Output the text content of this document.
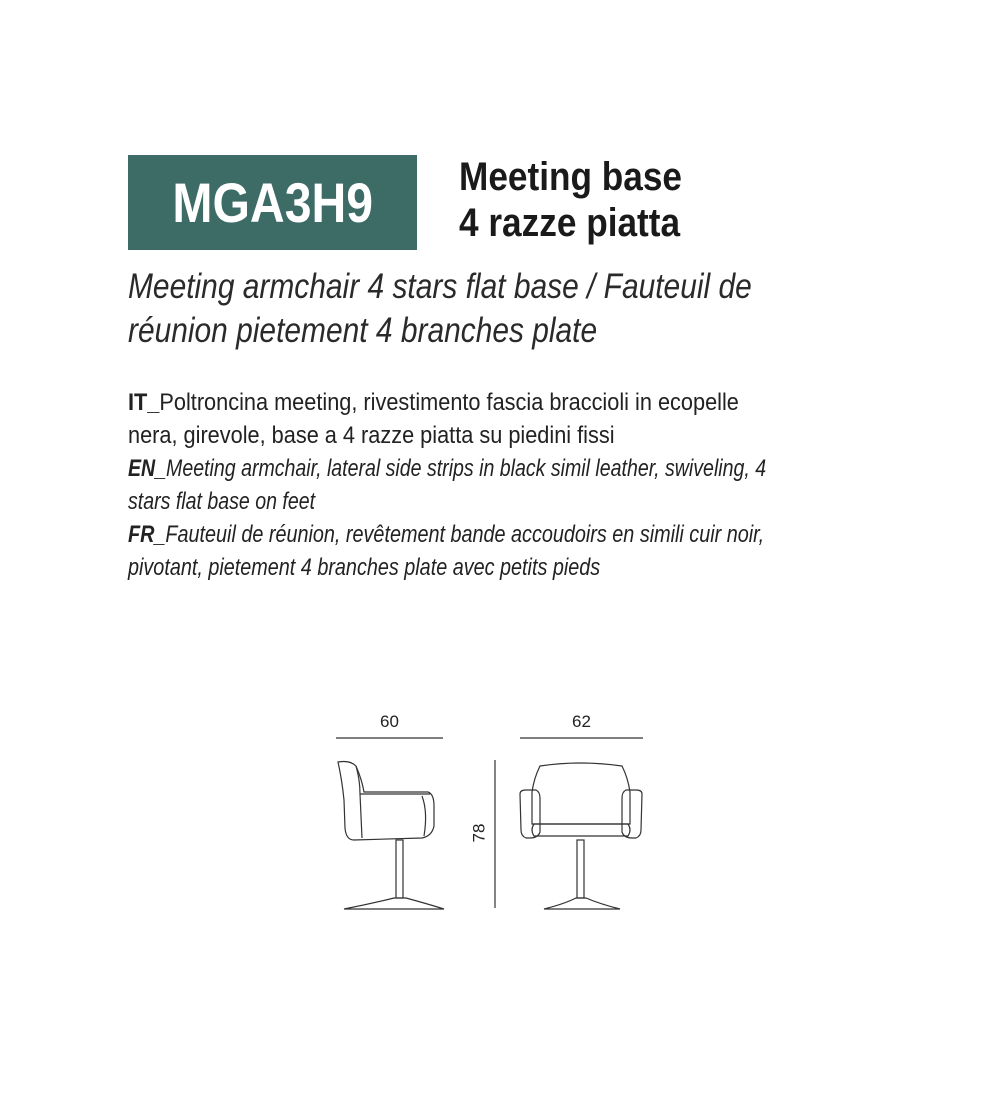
MGA3H9 Meeting base
4 razze piatta
Meeting armchair 4 stars flat base / Fauteuil de
réunion pietement 4 branches plate
IT_Poltroncina meeting, rivestimento fascia braccioli in ecopelle
nera, girevole, base a 4 razze piatta su piedini fissi
EN_Meeting armchair, lateral side strips in black simil leather, swiveling, 4
stars flat base on feet
FR_Fauteuil de réunion, revêtement bande accoudoirs en simili cuir noir,
pivotant, pietement 4 branches plate avec petits pieds
60	62
78
